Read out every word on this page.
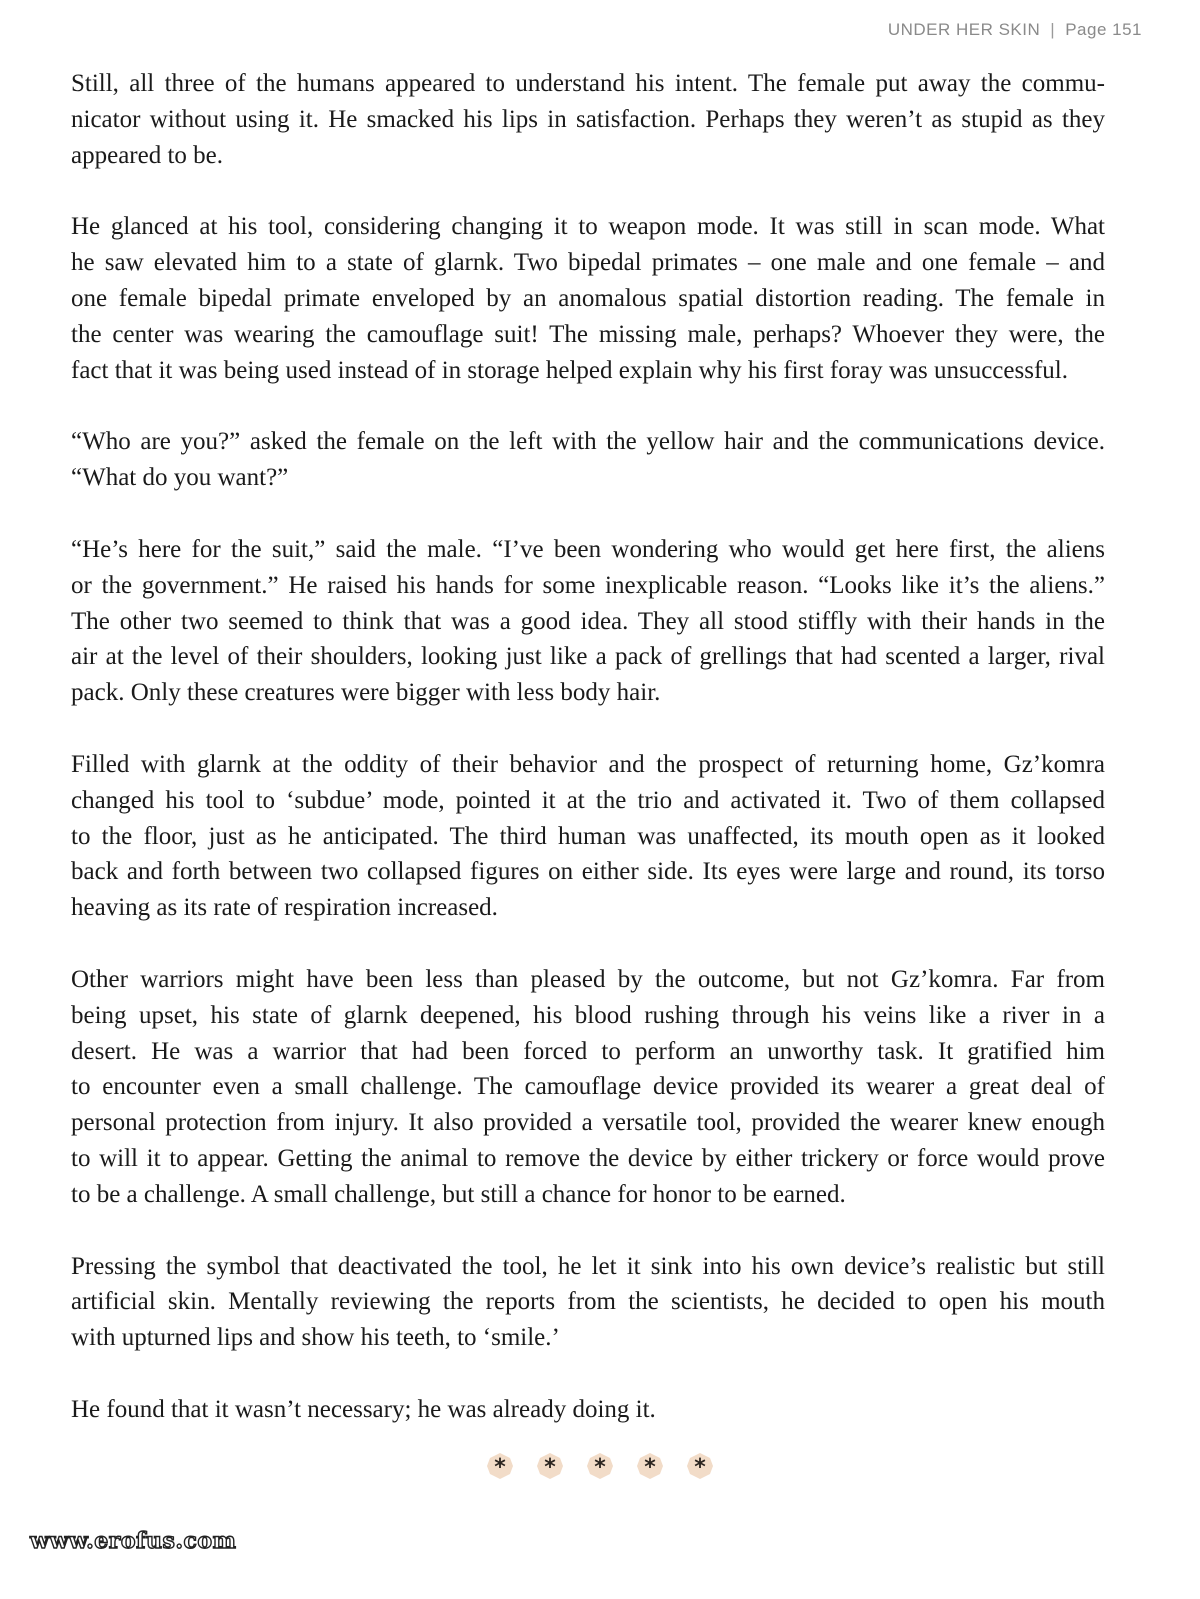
UNDER HER SKIN | Page 151

Still, all three of the humans appeared to understand his intent. The female put away the commu-
nicator without using it. He smacked his lips in satisfaction. Perhaps they weren’t as stupid as they
appeared to be.

He glanced at his tool, considering changing it to weapon mode. It was still in scan mode. What
he saw elevated him to a state of glarnk. Two bipedal primates – one male and one female – and
one female bipedal primate enveloped by an anomalous spatial distortion reading. The female in
the center was wearing the camouflage suit! The missing male, perhaps? Whoever they were, the
fact that it was being used instead of in storage helped explain why his first foray was unsuccessful.

“Who are you?” asked the female on the left with the yellow hair and the communications device.
“What do you want?”

“He’s here for the suit,” said the male. “I’ve been wondering who would get here first, the aliens
or the government.” He raised his hands for some inexplicable reason. “Looks like it’s the aliens.”
The other two seemed to think that was a good idea. They all stood stiffly with their hands in the
air at the level of their shoulders, looking just like a pack of grellings that had scented a larger, rival
pack. Only these creatures were bigger with less body hair.

Filled with glarnk at the oddity of their behavior and the prospect of returning home, Gz’komra
changed his tool to ‘subdue’ mode, pointed it at the trio and activated it. Two of them collapsed
to the floor, just as he anticipated. The third human was unaffected, its mouth open as it looked
back and forth between two collapsed figures on either side. Its eyes were large and round, its torso
heaving as its rate of respiration increased.

Other warriors might have been less than pleased by the outcome, but not Gz’komra. Far from
being upset, his state of glarnk deepened, his blood rushing through his veins like a river in a
desert. He was a warrior that had been forced to perform an unworthy task. It gratified him
to encounter even a small challenge. The camouflage device provided its wearer a great deal of
personal protection from injury. It also provided a versatile tool, provided the wearer knew enough
to will it to appear. Getting the animal to remove the device by either trickery or force would prove
to be a challenge. A small challenge, but still a chance for honor to be earned.

Pressing the symbol that deactivated the tool, he let it sink into his own device’s realistic but still
artificial skin. Mentally reviewing the reports from the scientists, he decided to open his mouth
with upturned lips and show his teeth, to ‘smile.’

He found that it wasn’t necessary; he was already doing it.

* * * * *
www.erofus.com
